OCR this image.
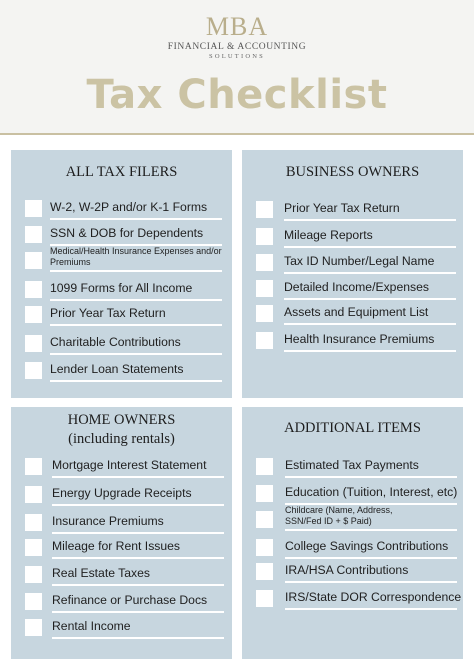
MBA
FINANCIAL & ACCOUNTING
SOLUTIONS
Tax Checklist
ALL TAX FILERS
W-2, W-2P and/or K-1 Forms
SSN & DOB for Dependents
Medical/Health Insurance Expenses and/or Premiums
1099 Forms for All Income
Prior Year Tax Return
Charitable Contributions
Lender Loan Statements
BUSINESS OWNERS
Prior Year Tax Return
Mileage Reports
Tax ID Number/Legal Name
Detailed Income/Expenses
Assets and Equipment List
Health Insurance Premiums
HOME OWNERS
(including rentals)
Mortgage Interest Statement
Energy Upgrade Receipts
Insurance Premiums
Mileage for Rent Issues
Real Estate Taxes
Refinance or Purchase Docs
Rental Income
ADDITIONAL ITEMS
Estimated Tax Payments
Education (Tuition, Interest, etc)
Childcare (Name, Address, SSN/Fed ID + $ Paid)
College Savings Contributions
IRA/HSA Contributions
IRS/State DOR Correspondence
